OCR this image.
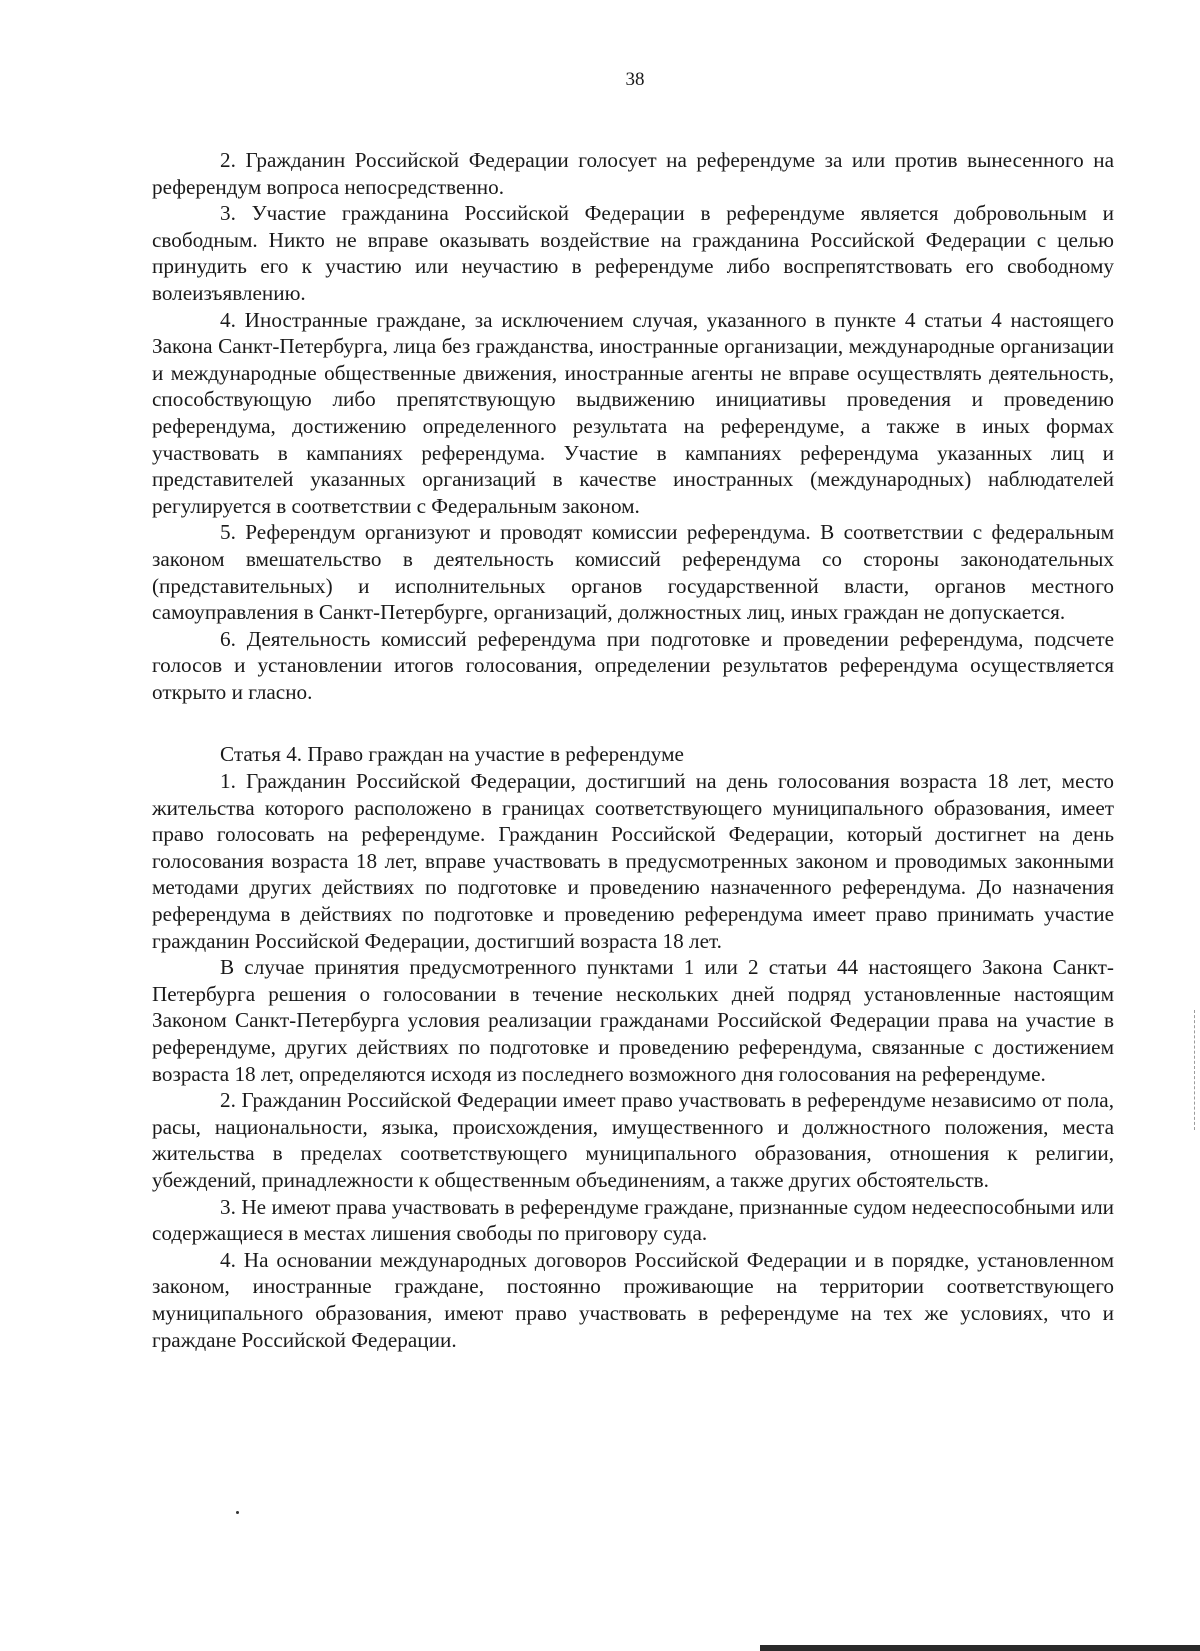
38

2. Гражданин Российской Федерации голосует на референдуме за или против вынесенного на референдум вопроса непосредственно.

3. Участие гражданина Российской Федерации в референдуме является добровольным и свободным. Никто не вправе оказывать воздействие на гражданина Российской Федерации с целью принудить его к участию или неучастию в референдуме либо воспрепятствовать его свободному волеизъявлению.

4. Иностранные граждане, за исключением случая, указанного в пункте 4 статьи 4 настоящего Закона Санкт-Петербурга, лица без гражданства, иностранные организации, международные организации и международные общественные движения, иностранные агенты не вправе осуществлять деятельность, способствующую либо препятствующую выдвижению инициативы проведения и проведению референдума, достижению определенного результата на референдуме, а также в иных формах участвовать в кампаниях референдума. Участие в кампаниях референдума указанных лиц и представителей указанных организаций в качестве иностранных (международных) наблюдателей регулируется в соответствии с Федеральным законом.

5. Референдум организуют и проводят комиссии референдума. В соответствии с федеральным законом вмешательство в деятельность комиссий референдума со стороны законодательных (представительных) и исполнительных органов государственной власти, органов местного самоуправления в Санкт-Петербурге, организаций, должностных лиц, иных граждан не допускается.

6. Деятельность комиссий референдума при подготовке и проведении референдума, подсчете голосов и установлении итогов голосования, определении результатов референдума осуществляется открыто и гласно.

Статья 4. Право граждан на участие в референдуме

1. Гражданин Российской Федерации, достигший на день голосования возраста 18 лет, место жительства которого расположено в границах соответствующего муниципального образования, имеет право голосовать на референдуме. Гражданин Российской Федерации, который достигнет на день голосования возраста 18 лет, вправе участвовать в предусмотренных законом и проводимых законными методами других действиях по подготовке и проведению назначенного референдума. До назначения референдума в действиях по подготовке и проведению референдума имеет право принимать участие гражданин Российской Федерации, достигший возраста 18 лет.

В случае принятия предусмотренного пунктами 1 или 2 статьи 44 настоящего Закона Санкт-Петербурга решения о голосовании в течение нескольких дней подряд установленные настоящим Законом Санкт-Петербурга условия реализации гражданами Российской Федерации права на участие в референдуме, других действиях по подготовке и проведению референдума, связанные с достижением возраста 18 лет, определяются исходя из последнего возможного дня голосования на референдуме.

2. Гражданин Российской Федерации имеет право участвовать в референдуме независимо от пола, расы, национальности, языка, происхождения, имущественного и должностного положения, места жительства в пределах соответствующего муниципального образования, отношения к религии, убеждений, принадлежности к общественным объединениям, а также других обстоятельств.

3. Не имеют права участвовать в референдуме граждане, признанные судом недееспособными или содержащиеся в местах лишения свободы по приговору суда.

4. На основании международных договоров Российской Федерации и в порядке, установленном законом, иностранные граждане, постоянно проживающие на территории соответствующего муниципального образования, имеют право участвовать в референдуме на тех же условиях, что и граждане Российской Федерации.
